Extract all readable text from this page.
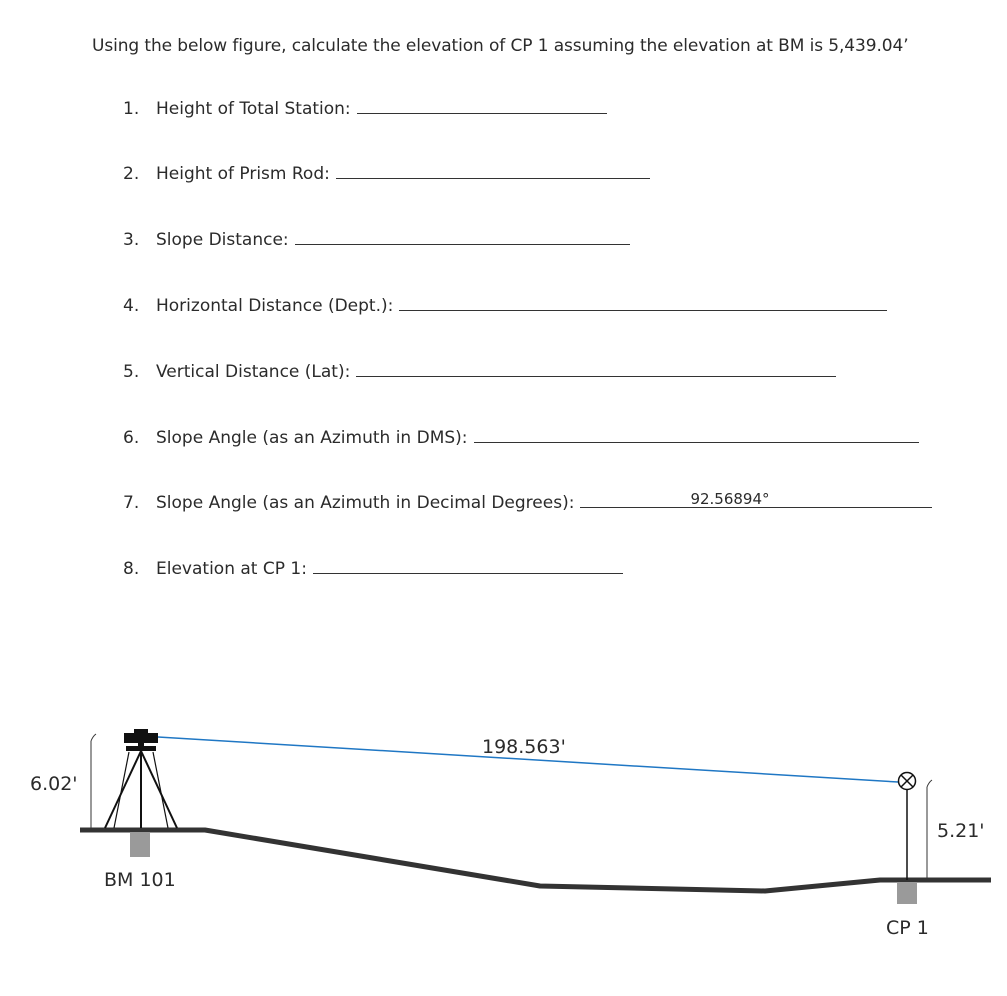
Using the below figure, calculate the elevation of CP 1 assuming the elevation at BM is 5,439.04’
1. Height of Total Station:
2. Height of Prism Rod:
3. Slope Distance:
4. Horizontal Distance (Dept.):
5. Vertical Distance (Lat):
6. Slope Angle (as an Azimuth in DMS):
7. Slope Angle (as an Azimuth in Decimal Degrees):	92.56894°
8. Elevation at CP 1:
6.02'
198.563'
5.21'
BM 101
CP 1
